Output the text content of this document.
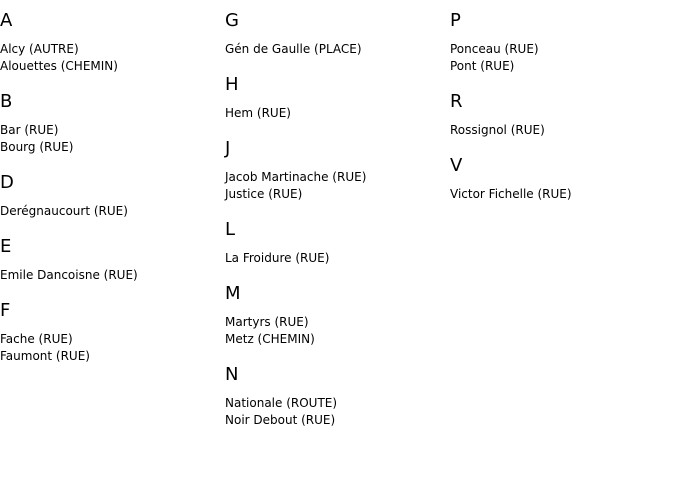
A
Alcy (AUTRE)
Alouettes (CHEMIN)
B
Bar (RUE)
Bourg (RUE)
D
Derégnaucourt (RUE)
E
Emile Dancoisne (RUE)
F
Fache (RUE)
Faumont (RUE)
G
Gén de Gaulle (PLACE)
H
Hem (RUE)
J
Jacob Martinache (RUE)
Justice (RUE)
L
La Froidure (RUE)
M
Martyrs (RUE)
Metz (CHEMIN)
N
Nationale (ROUTE)
Noir Debout (RUE)
P
Ponceau (RUE)
Pont (RUE)
R
Rossignol (RUE)
V
Victor Fichelle (RUE)
